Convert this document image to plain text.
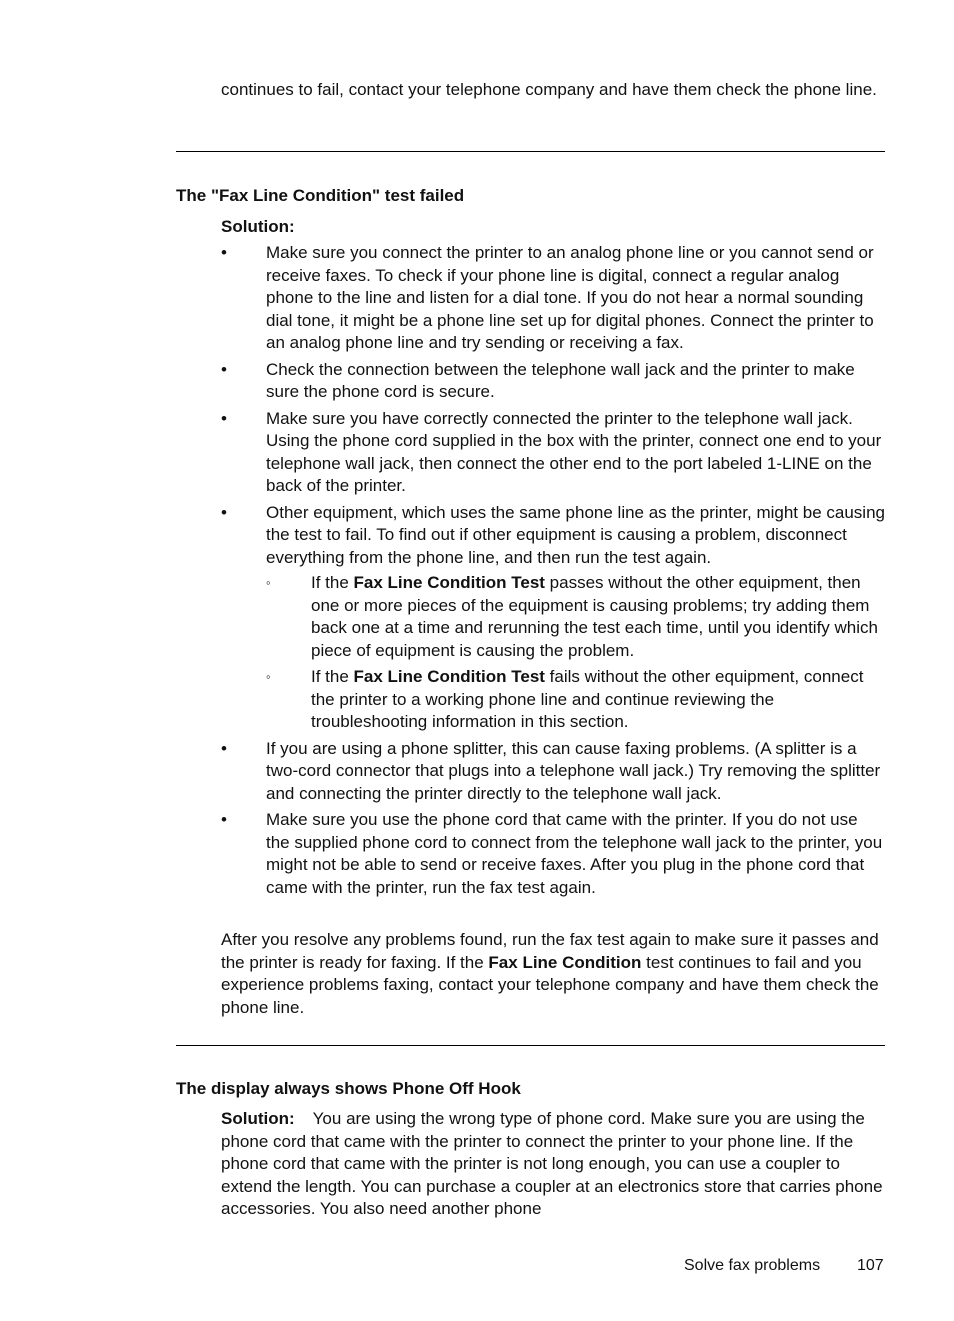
continues to fail, contact your telephone company and have them check the phone line.

The "Fax Line Condition" test failed

Solution:

•	Make sure you connect the printer to an analog phone line or you cannot send or receive faxes. To check if your phone line is digital, connect a regular analog phone to the line and listen for a dial tone. If you do not hear a normal sounding dial tone, it might be a phone line set up for digital phones. Connect the printer to an analog phone line and try sending or receiving a fax.
•	Check the connection between the telephone wall jack and the printer to make sure the phone cord is secure.
•	Make sure you have correctly connected the printer to the telephone wall jack. Using the phone cord supplied in the box with the printer, connect one end to your telephone wall jack, then connect the other end to the port labeled 1-LINE on the back of the printer.
•	Other equipment, which uses the same phone line as the printer, might be causing the test to fail. To find out if other equipment is causing a problem, disconnect everything from the phone line, and then run the test again.
◦	If the Fax Line Condition Test passes without the other equipment, then one or more pieces of the equipment is causing problems; try adding them back one at a time and rerunning the test each time, until you identify which piece of equipment is causing the problem.
◦	If the Fax Line Condition Test fails without the other equipment, connect the printer to a working phone line and continue reviewing the troubleshooting information in this section.
•	If you are using a phone splitter, this can cause faxing problems. (A splitter is a two-cord connector that plugs into a telephone wall jack.) Try removing the splitter and connecting the printer directly to the telephone wall jack.
•	Make sure you use the phone cord that came with the printer. If you do not use the supplied phone cord to connect from the telephone wall jack to the printer, you might not be able to send or receive faxes. After you plug in the phone cord that came with the printer, run the fax test again.

After you resolve any problems found, run the fax test again to make sure it passes and the printer is ready for faxing. If the Fax Line Condition test continues to fail and you experience problems faxing, contact your telephone company and have them check the phone line.

The display always shows Phone Off Hook

Solution: You are using the wrong type of phone cord. Make sure you are using the phone cord that came with the printer to connect the printer to your phone line. If the phone cord that came with the printer is not long enough, you can use a coupler to extend the length. You can purchase a coupler at an electronics store that carries phone accessories. You also need another phone

Solve fax problems 107
